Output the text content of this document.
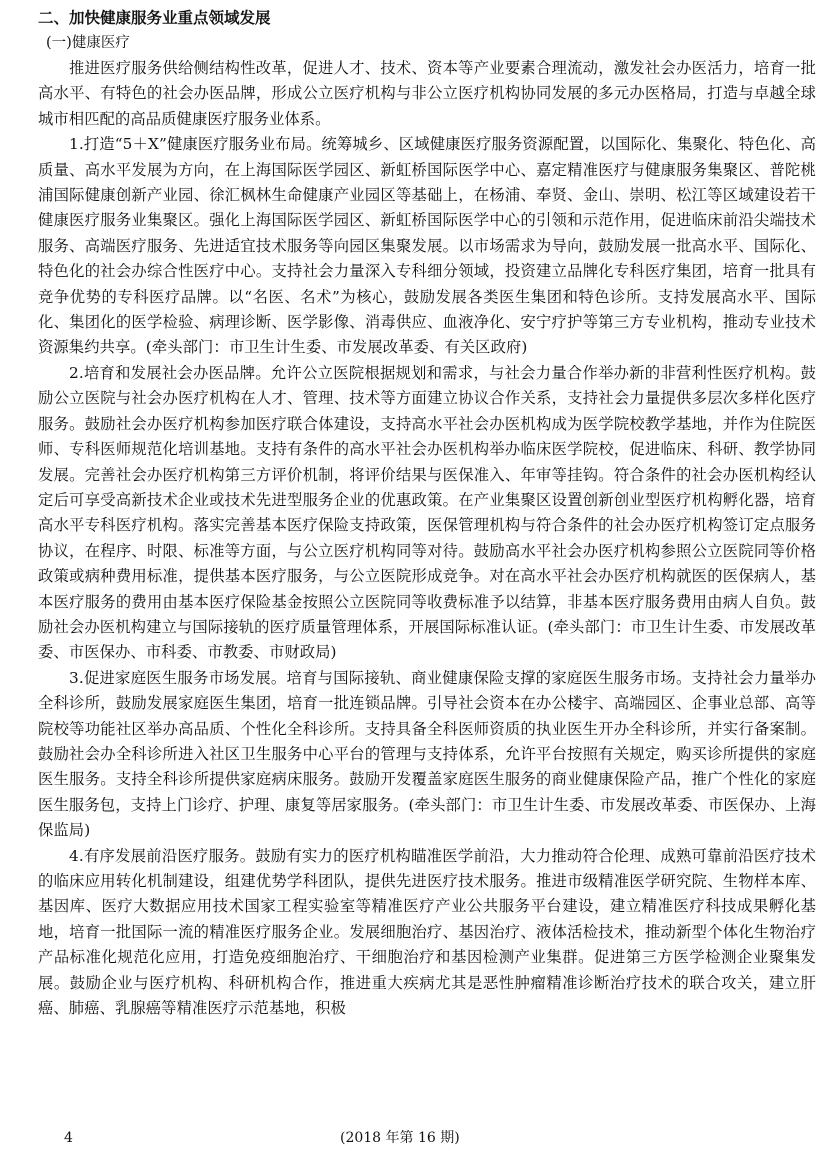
二、加快健康服务业重点领域发展
(一)健康医疗

推进医疗服务供给侧结构性改革，促进人才、技术、资本等产业要素合理流动，激发社会办医活力，培育一批高水平、有特色的社会办医品牌，形成公立医疗机构与非公立医疗机构协同发展的多元办医格局，打造与卓越全球城市相匹配的高品质健康医疗服务业体系。

1.打造“5＋X”健康医疗服务业布局。统筹城乡、区域健康医疗服务资源配置，以国际化、集聚化、特色化、高质量、高水平发展为方向，在上海国际医学园区、新虹桥国际医学中心、嘉定精准医疗与健康服务集聚区、普陀桃浦国际健康创新产业园、徐汇枫林生命健康产业园区等基础上，在杨浦、奉贤、金山、崇明、松江等区域建设若干健康医疗服务业集聚区。强化上海国际医学园区、新虹桥国际医学中心的引领和示范作用，促进临床前沿尖端技术服务、高端医疗服务、先进适宜技术服务等向园区集聚发展。以市场需求为导向，鼓励发展一批高水平、国际化、特色化的社会办综合性医疗中心。支持社会力量深入专科细分领域，投资建立品牌化专科医疗集团，培育一批具有竞争优势的专科医疗品牌。以“名医、名术”为核心，鼓励发展各类医生集团和特色诊所。支持发展高水平、国际化、集团化的医学检验、病理诊断、医学影像、消毒供应、血液净化、安宁疗护等第三方专业机构，推动专业技术资源集约共享。(牵头部门：市卫生计生委、市发展改革委、有关区政府)

2.培育和发展社会办医品牌。允许公立医院根据规划和需求，与社会力量合作举办新的非营利性医疗机构。鼓励公立医院与社会办医疗机构在人才、管理、技术等方面建立协议合作关系，支持社会力量提供多层次多样化医疗服务。鼓励社会办医疗机构参加医疗联合体建设，支持高水平社会办医机构成为医学院校教学基地，并作为住院医师、专科医师规范化培训基地。支持有条件的高水平社会办医机构举办临床医学院校，促进临床、科研、教学协同发展。完善社会办医疗机构第三方评价机制，将评价结果与医保准入、年审等挂钩。符合条件的社会办医机构经认定后可享受高新技术企业或技术先进型服务企业的优惠政策。在产业集聚区设置创新创业型医疗机构孵化器，培育高水平专科医疗机构。落实完善基本医疗保险支持政策，医保管理机构与符合条件的社会办医疗机构签订定点服务协议，在程序、时限、标准等方面，与公立医疗机构同等对待。鼓励高水平社会办医疗机构参照公立医院同等价格政策或病种费用标准，提供基本医疗服务，与公立医院形成竞争。对在高水平社会办医疗机构就医的医保病人，基本医疗服务的费用由基本医疗保险基金按照公立医院同等收费标准予以结算，非基本医疗服务费用由病人自负。鼓励社会办医机构建立与国际接轨的医疗质量管理体系，开展国际标准认证。(牵头部门：市卫生计生委、市发展改革委、市医保办、市科委、市教委、市财政局)

3.促进家庭医生服务市场发展。培育与国际接轨、商业健康保险支撑的家庭医生服务市场。支持社会力量举办全科诊所，鼓励发展家庭医生集团，培育一批连锁品牌。引导社会资本在办公楼宇、高端园区、企事业总部、高等院校等功能社区举办高品质、个性化全科诊所。支持具备全科医师资质的执业医生开办全科诊所，并实行备案制。鼓励社会办全科诊所进入社区卫生服务中心平台的管理与支持体系，允许平台按照有关规定，购买诊所提供的家庭医生服务。支持全科诊所提供家庭病床服务。鼓励开发覆盖家庭医生服务的商业健康保险产品，推广个性化的家庭医生服务包，支持上门诊疗、护理、康复等居家服务。(牵头部门：市卫生计生委、市发展改革委、市医保办、上海保监局)

4.有序发展前沿医疗服务。鼓励有实力的医疗机构瞄准医学前沿，大力推动符合伦理、成熟可靠前沿医疗技术的临床应用转化机制建设，组建优势学科团队，提供先进医疗技术服务。推进市级精准医学研究院、生物样本库、基因库、医疗大数据应用技术国家工程实验室等精准医疗产业公共服务平台建设，建立精准医疗科技成果孵化基地，培育一批国际一流的精准医疗服务企业。发展细胞治疗、基因治疗、液体活检技术，推动新型个体化生物治疗产品标准化规范化应用，打造免疫细胞治疗、干细胞治疗和基因检测产业集群。促进第三方医学检测企业聚集发展。鼓励企业与医疗机构、科研机构合作，推进重大疾病尤其是恶性肿瘤精准诊断治疗技术的联合攻关，建立肝癌、肺癌、乳腺癌等精准医疗示范基地，积极

4	(2018 年第 16 期)
